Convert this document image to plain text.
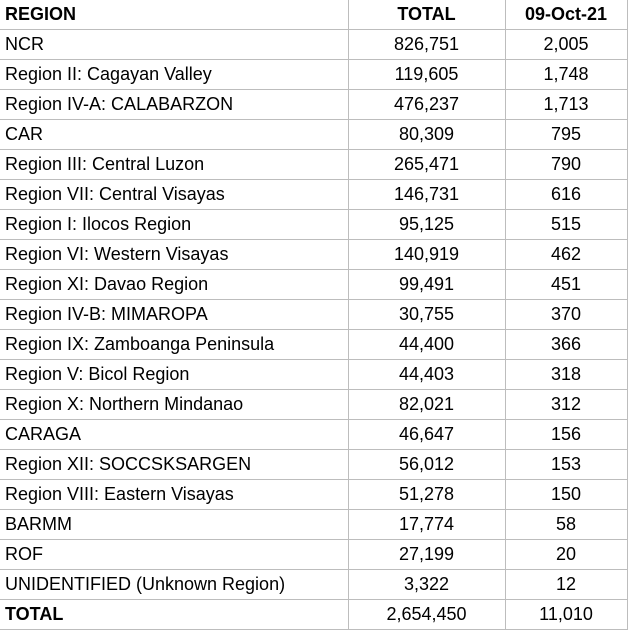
REGION	TOTAL	09-Oct-21
NCR	826,751	2,005
Region II: Cagayan Valley	119,605	1,748
Region IV-A: CALABARZON	476,237	1,713
CAR	80,309	795
Region III: Central Luzon	265,471	790
Region VII: Central Visayas	146,731	616
Region I: Ilocos Region	95,125	515
Region VI: Western Visayas	140,919	462
Region XI: Davao Region	99,491	451
Region IV-B: MIMAROPA	30,755	370
Region IX: Zamboanga Peninsula	44,400	366
Region V: Bicol Region	44,403	318
Region X: Northern Mindanao	82,021	312
CARAGA	46,647	156
Region XII: SOCCSKSARGEN	56,012	153
Region VIII: Eastern Visayas	51,278	150
BARMM	17,774	58
ROF	27,199	20
UNIDENTIFIED (Unknown Region)	3,322	12
TOTAL	2,654,450	11,010
